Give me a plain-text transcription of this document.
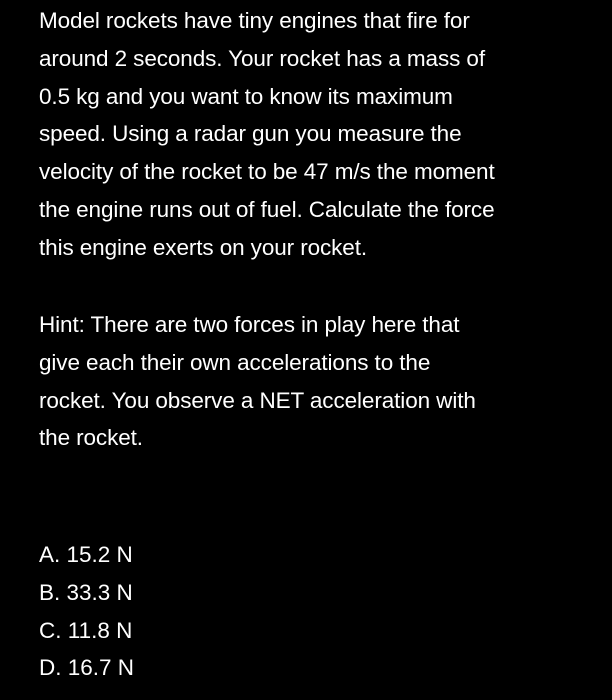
Model rockets have tiny engines that fire for
around 2 seconds. Your rocket has a mass of
0.5 kg and you want to know its maximum
speed. Using a radar gun you measure the
velocity of the rocket to be 47 m/s the moment
the engine runs out of fuel. Calculate the force
this engine exerts on your rocket.

Hint: There are two forces in play here that
give each their own accelerations to the
rocket. You observe a NET acceleration with
the rocket.

A. 15.2 N
B. 33.3 N
C. 11.8 N
D. 16.7 N
